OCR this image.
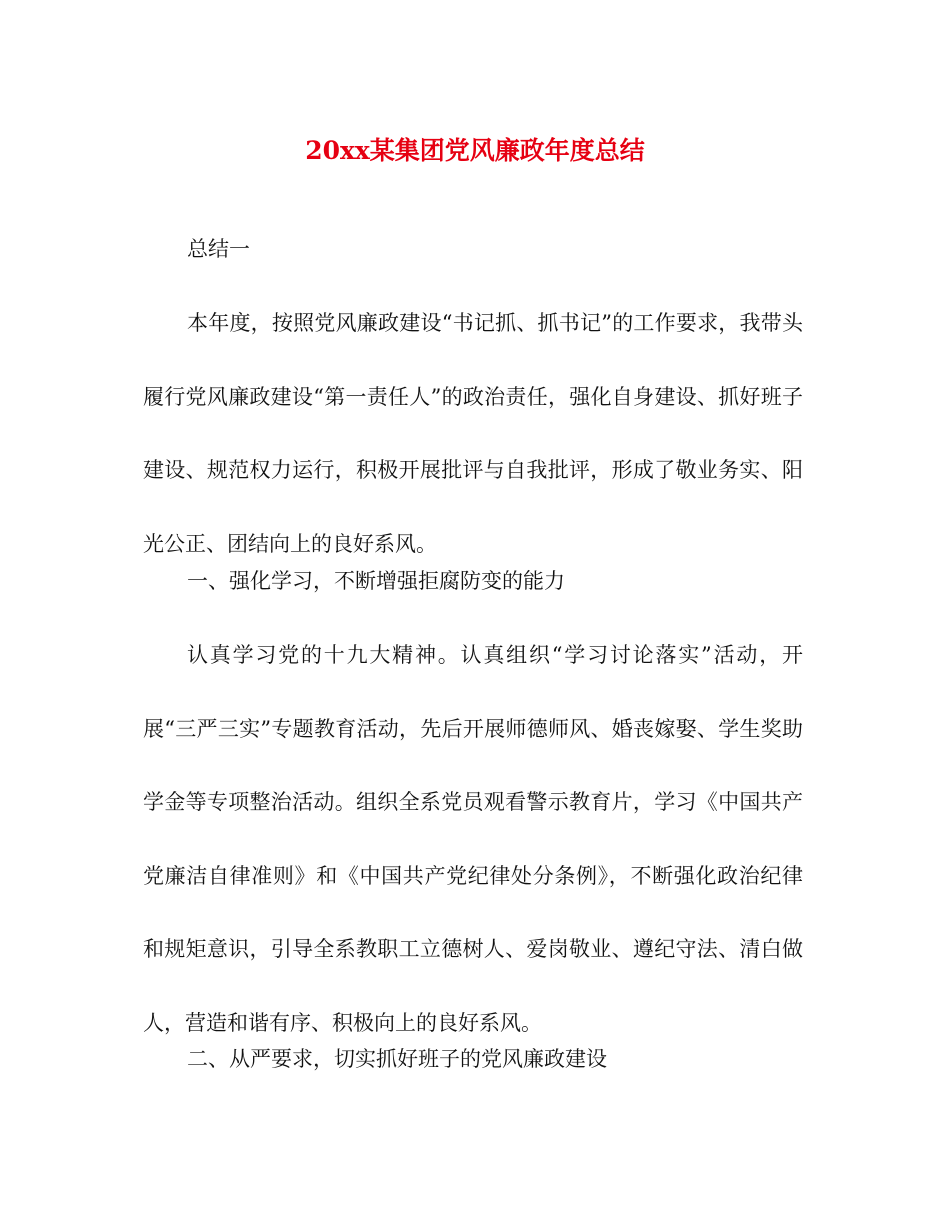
20xx某集团党风廉政年度总结
总结一
本年度，按照党风廉政建设“书记抓、抓书记”的工作要求，我带头履行党风廉政建设“第一责任人”的政治责任，强化自身建设、抓好班子建设、规范权力运行，积极开展批评与自我批评，形成了敬业务实、阳光公正、团结向上的良好系风。
一、强化学习，不断增强拒腐防变的能力
认真学习党的十九大精神。认真组织“学习讨论落实”活动，开展“三严三实”专题教育活动，先后开展师德师风、婚丧嫁娶、学生奖助学金等专项整治活动。组织全系党员观看警示教育片，学习《中国共产党廉洁自律准则》和《中国共产党纪律处分条例》，不断强化政治纪律和规矩意识，引导全系教职工立德树人、爱岗敬业、遵纪守法、清白做人，营造和谐有序、积极向上的良好系风。
二、从严要求，切实抓好班子的党风廉政建设
